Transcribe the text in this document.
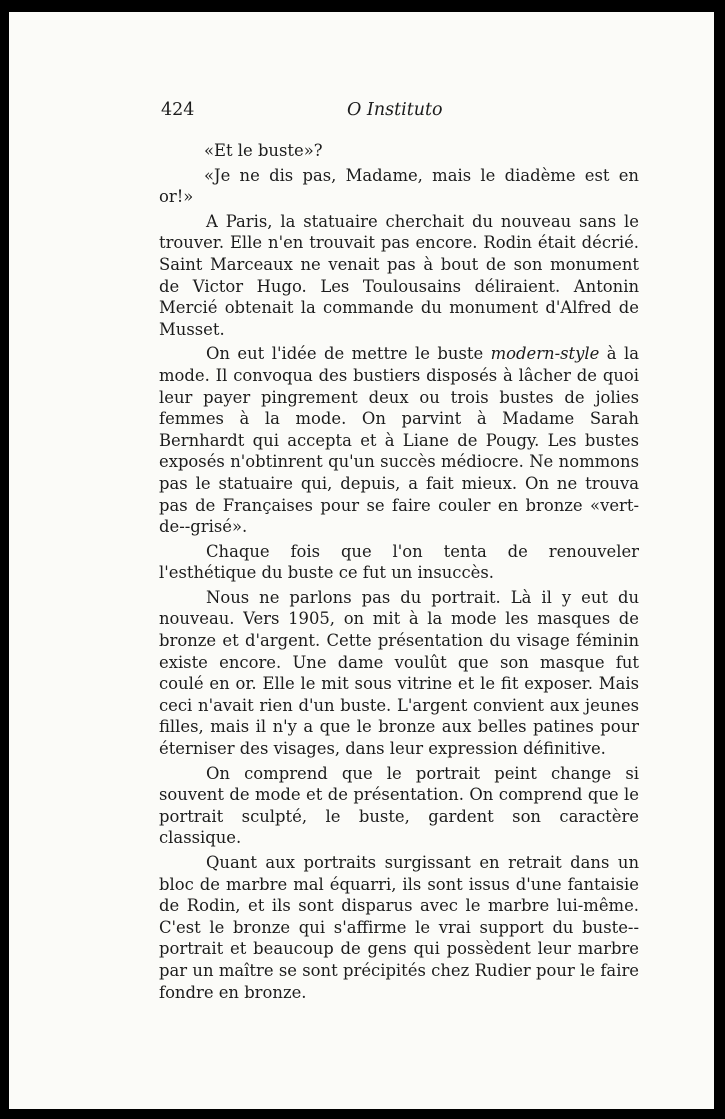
424	O Instituto

«Et le buste»?

«Je ne dis pas, Madame, mais le diadème est en or!»

A Paris, la statuaire cherchait du nouveau sans le trouver. Elle n'en trouvait pas encore. Rodin était décrié. Saint Marceaux ne venait pas à bout de son monument de Victor Hugo. Les Toulousains déliraient. Antonin Mercié obtenait la commande du monument d'Alfred de Musset.

On eut l'idée de mettre le buste modern-style à la mode. Il convoqua des bustiers disposés à lâcher de quoi leur payer pingrement deux ou trois bustes de jolies femmes à la mode. On parvint à Madame Sarah Bernhardt qui accepta et à Liane de Pougy. Les bustes exposés n'obtinrent qu'un succès médiocre. Ne nommons pas le statuaire qui, depuis, a fait mieux. On ne trouva pas de Françaises pour se faire couler en bronze «vert-de--grisé».

Chaque fois que l'on tenta de renouveler l'esthétique du buste ce fut un insuccès.

Nous ne parlons pas du portrait. Là il y eut du nouveau. Vers 1905, on mit à la mode les masques de bronze et d'argent. Cette présentation du visage féminin existe encore. Une dame voulût que son masque fut coulé en or. Elle le mit sous vitrine et le fit exposer. Mais ceci n'avait rien d'un buste. L'argent convient aux jeunes filles, mais il n'y a que le bronze aux belles patines pour éterniser des visages, dans leur expression définitive.

On comprend que le portrait peint change si souvent de mode et de présentation. On comprend que le portrait sculpté, le buste, gardent son caractère classique.

Quant aux portraits surgissant en retrait dans un bloc de marbre mal équarri, ils sont issus d'une fantaisie de Rodin, et ils sont disparus avec le marbre lui-même. C'est le bronze qui s'affirme le vrai support du buste--portrait et beaucoup de gens qui possèdent leur marbre par un maître se sont précipités chez Rudier pour le faire fondre en bronze.
